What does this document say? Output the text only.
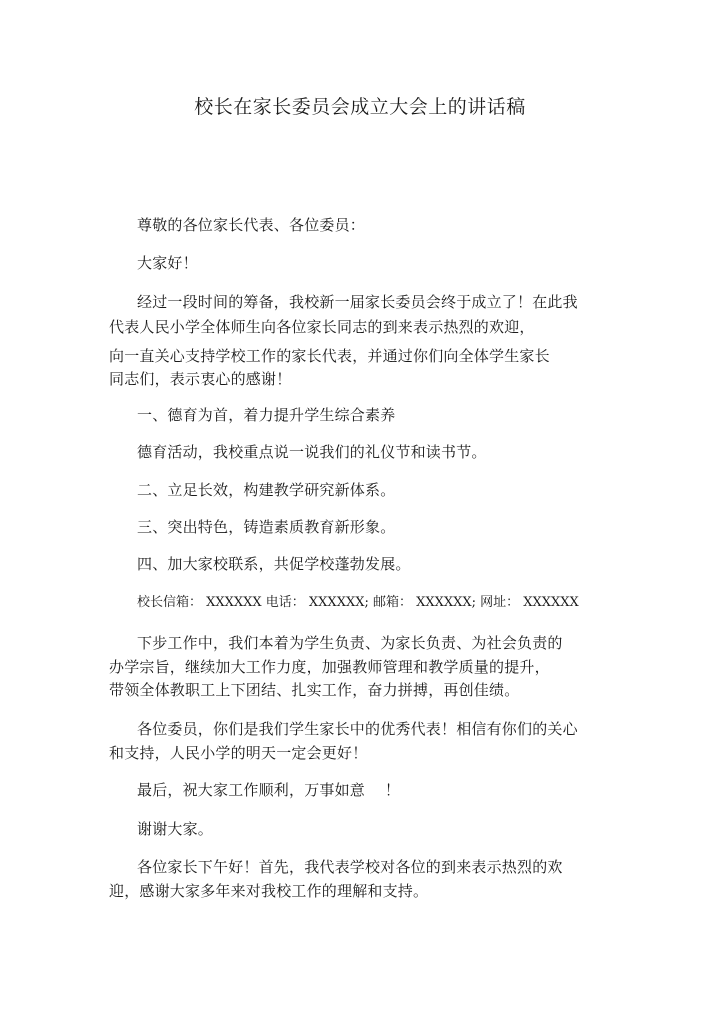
校长在家长委员会成立大会上的讲话稿
尊敬的各位家长代表、各位委员：
大家好！
经过一段时间的筹备，我校新一届家长委员会终于成立了！在此我
代表人民小学全体师生向各位家长同志的到来表示热烈的欢迎，
向一直关心支持学校工作的家长代表，并通过你们向全体学生家长
同志们，表示衷心的感谢！
一、德育为首，着力提升学生综合素养
德育活动，我校重点说一说我们的礼仪节和读书节。
二、立足长效，构建教学研究新体系。
三、突出特色，铸造素质教育新形象。
四、加大家校联系，共促学校蓬勃发展。
校长信箱： XXXXXX 电话： XXXXXX; 邮箱： XXXXXX; 网址： XXXXXX
下步工作中，我们本着为学生负责、为家长负责、为社会负责的
办学宗旨，继续加大工作力度，加强教师管理和教学质量的提升，
带领全体教职工上下团结、扎实工作，奋力拼搏，再创佳绩。
各位委员，你们是我们学生家长中的优秀代表！相信有你们的关心
和支持，人民小学的明天一定会更好！
最后，祝大家工作顺利，万事如意    ！
谢谢大家。
各位家长下午好！首先，我代表学校对各位的到来表示热烈的欢
迎，感谢大家多年来对我校工作的理解和支持。
